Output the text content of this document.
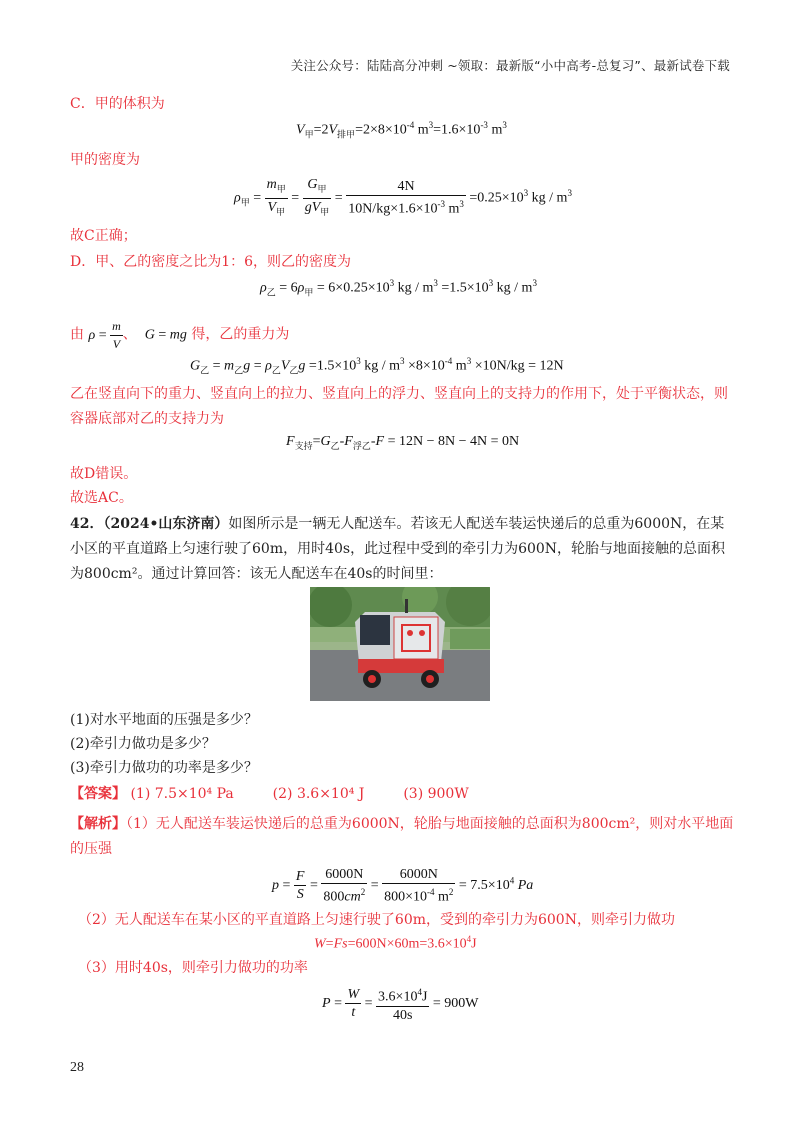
关注公众号：陆陆高分冲刺 ~领取：最新版“小中高考-总复习”、最新试卷下载
C．甲的体积为
$V_甲=2V_{排甲}=2\times 8\times 10^{-4}$ $m^3=1.6\times 10^{-3}$ $m^3$
甲的密度为
$\rho_甲 = \frac{m_甲}{V_甲} = \frac{G_甲}{gV_甲} = \frac{4N}{10N/kg\times 1.6\times 10^{-3} m^3} =0.25\times 10^3$ kg / $m^3$
故C正确；
D．甲、乙的密度之比为1：6，则乙的密度为
$\rho_乙 = 6\rho_甲 = 6\times 0.25\times 10^3$ kg / $m^3 =1.5\times 10^3$ kg / $m^3$
由 $\rho = \frac{m}{V}$ 、 G = mg 得，乙的重力为
$G_乙 = m_乙g = \rho_乙V_乙g =1.5\times 10^3$ kg / $m^3 \times 8\times 10^{-4}$ $m^3 \times 10N/kg = 12N$
乙在竖直向下的重力、竖直向上的拉力、竖直向上的浮力、竖直向上的支持力的作用下，处于平衡状态，则容器底部对乙的支持力为
$F_{支持}=G_乙-F_{浮乙}-F = 12N - 8N - 4N = 0N$
故D错误。
故选AC。
42．（2024•山东济南）如图所示是一辆无人配送车。若该无人配送车装运快递后的总重为6000N，在某小区的平直道路上匀速行驶了60m，用时40s，此过程中受到的牵引力为600N，轮胎与地面接触的总面积为800cm²。通过计算回答：该无人配送车在40s的时间里：
(1)对水平地面的压强是多少？
(2)牵引力做功是多少？
(3)牵引力做功的功率是多少？
【答案】 (1) 7.5×10⁴ Pa	(2) 3.6×10⁴ J	(3) 900W
【解析】（1）无人配送车装运快递后的总重为6000N，轮胎与地面接触的总面积为800cm²，则对水平地面的压强
$p = \frac{F}{S} = \frac{6000N}{800cm^2} = \frac{6000N}{800\times 10^{-4} m^2} = 7.5\times 10^4$ Pa
（2）无人配送车在某小区的平直道路上匀速行驶了60m，受到的牵引力为600N，则牵引力做功
$W=Fs=600N\times 60m=3.6\times 10^4J$
（3）用时40s，则牵引力做功的功率
$P = \frac{W}{t} = \frac{3.6\times 10^4J}{40s} = 900W$
28
